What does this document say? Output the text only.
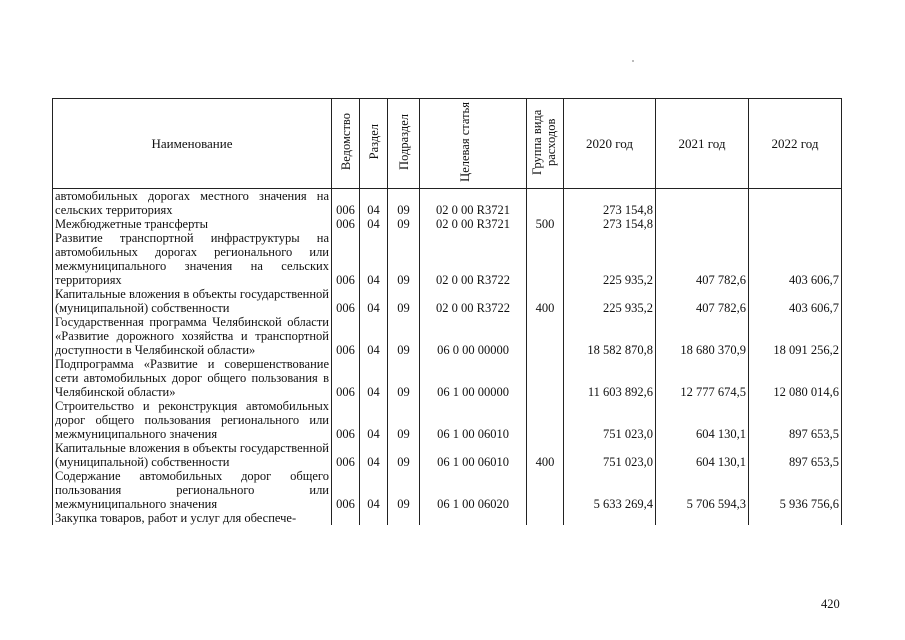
Наименование	Ведомство	Раздел	Подраздел	Целевая статья	Группа вида расходов	2020 год	2021 год	2022 год
автомобильных дорогах местного значения на сельских территориях	006	04	09	02 0 00 R3721		273 154,8		
Межбюджетные трансферты	006	04	09	02 0 00 R3721	500	273 154,8		
Развитие транспортной инфраструктуры на автомобильных дорогах регионального или межмуниципального значения на сельских территориях	006	04	09	02 0 00 R3722		225 935,2	407 782,6	403 606,7
Капитальные вложения в объекты государственной (муниципальной) собственности	006	04	09	02 0 00 R3722	400	225 935,2	407 782,6	403 606,7
Государственная программа Челябинской области «Развитие дорожного хозяйства и транспортной доступности в Челябинской области»	006	04	09	06 0 00 00000		18 582 870,8	18 680 370,9	18 091 256,2
Подпрограмма «Развитие и совершенствование сети автомобильных дорог общего пользования в Челябинской области»	006	04	09	06 1 00 00000		11 603 892,6	12 777 674,5	12 080 014,6
Строительство и реконструкция автомобильных дорог общего пользования регионального или межмуниципального значения	006	04	09	06 1 00 06010		751 023,0	604 130,1	897 653,5
Капитальные вложения в объекты государственной (муниципальной) собственности	006	04	09	06 1 00 06010	400	751 023,0	604 130,1	897 653,5
Содержание автомобильных дорог общего пользования регионального или межмуниципального значения	006	04	09	06 1 00 06020		5 633 269,4	5 706 594,3	5 936 756,6
Закупка товаров, работ и услуг для обеспече-								
420
